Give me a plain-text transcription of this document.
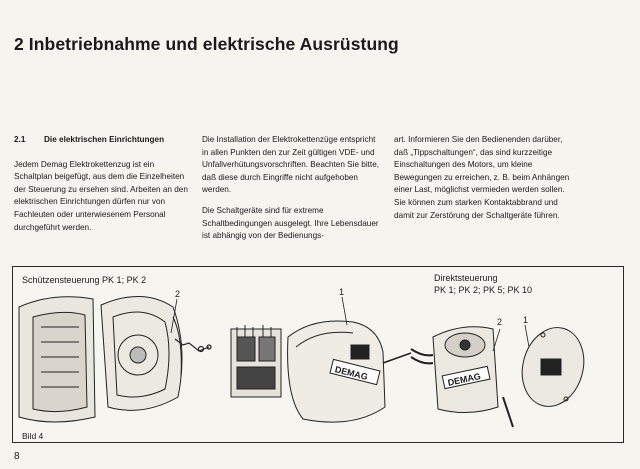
2 Inbetriebnahme und elektrische Ausrüstung
2.1 Die elektrischen Einrichtungen

Jedem Demag Elektrokettenzug ist ein Schaltplan beigefügt, aus dem die Einzelheiten der Steuerung zu ersehen sind. Arbeiten an den elektrischen Einrichtungen dürfen nur von Fachleuten oder unterwiesenem Personal durchgeführt werden.

Die Installation der Elektrokettenzüge entspricht in allen Punkten den zur Zeit gültigen VDE- und Unfallverhütungsvorschriften. Beachten Sie bitte, daß diese durch Eingriffe nicht aufgehoben werden.

Die Schaltgeräte sind für extreme Schaltbedingungen ausgelegt. Ihre Lebensdauer ist abhängig von der Bedienungs-

art. Informieren Sie den Bedienenden darüber, daß „Tippschaltungen“, das sind kurzzeitige Einschaltungen des Motors, um kleine Bewegungen zu erreichen, z. B. beim Anhängen einer Last, möglichst vermieden werden sollen. Sie können zum starken Kontaktabbrand und damit zur Zerstörung der Schaltgeräte führen.

DEMAG	DEMAG
2	1
2 1
Schützensteuerung PK 1; PK 2	Direktsteuerung
PK 1; PK 2; PK 5; PK 10
Bild 4
8
